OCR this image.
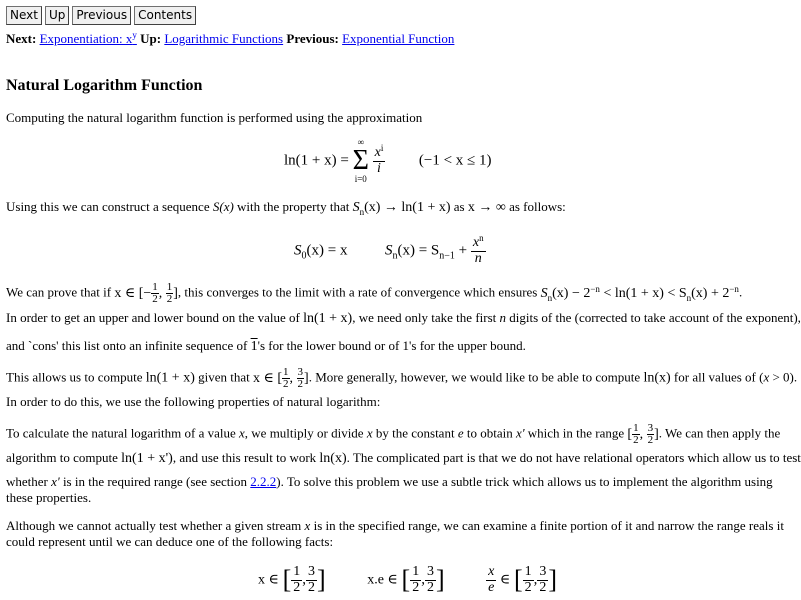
Next Up Previous Contents
Next: Exponentiation: $x^y$ Up: Logarithmic Functions Previous: Exponential Function
Natural Logarithm Function
Computing the natural logarithm function is performed using the approximation
ln(1 + x) =
∞
Σ
i=0

$\frac{x^i}{i} (-1 < x \le 1)$
Using this we can construct a sequence S(x) with the property that $S_n(x) \to \ln(1 + x)$ as x → ∞ as follows:
$S_0(x) = x$	$S_n(x) = S_{n-1} + \frac{x^n}{n}$
We can prove that if x ∈ [− $\frac{1}{2}$ , $\frac{1}{2}$ ], this converges to the limit with a rate of convergence which ensures $S_n(x) - 2^{-n} < \ln(1 + x) < S_n(x) + 2^{-n}$.
In order to get an upper and lower bound on the value of ln(1 + x), we need only take the first n digits of the (corrected to take account of the exponent),
and `cons' this list onto an infinite sequence of 1's for the lower bound or of 1's for the upper bound.
This allows us to compute ln(1 + x) given that x ∈ [ $\frac{1}{2}$ , $\frac{3}{2}$ ]. More generally, however, we would like to be able to compute ln(x) for all values of (x > 0).
In order to do this, we use the following properties of natural logarithm:
To calculate the natural logarithm of a value x, we multiply or divide x by the constant e to obtain x' which in the range [ $\frac{1}{2}$ , $\frac{3}{2}$ ]. We can then apply the
algorithm to compute ln(1 + x'), and use this result to work ln(x). The complicated part is that we do not have relational operators which allow us to test
whether x' is in the required range (see section 2.2.2). To solve this problem we use a subtle trick which allows us to implement the algorithm using these properties.
Although we cannot actually test whether a given stream x is in the specified range, we can examine a finite portion of it and narrow the range reals it could represent until we can deduce one of the following facts:
x ∈ [ $\frac{1}{2}$ , $\frac{3}{2}$ ]	x.e ∈ [ $\frac{1}{2}$ , $\frac{3}{2}$ ]	$\frac{x}{e}$ ∈ [ $\frac{1}{2}$ , $\frac{3}{2}$ ]
